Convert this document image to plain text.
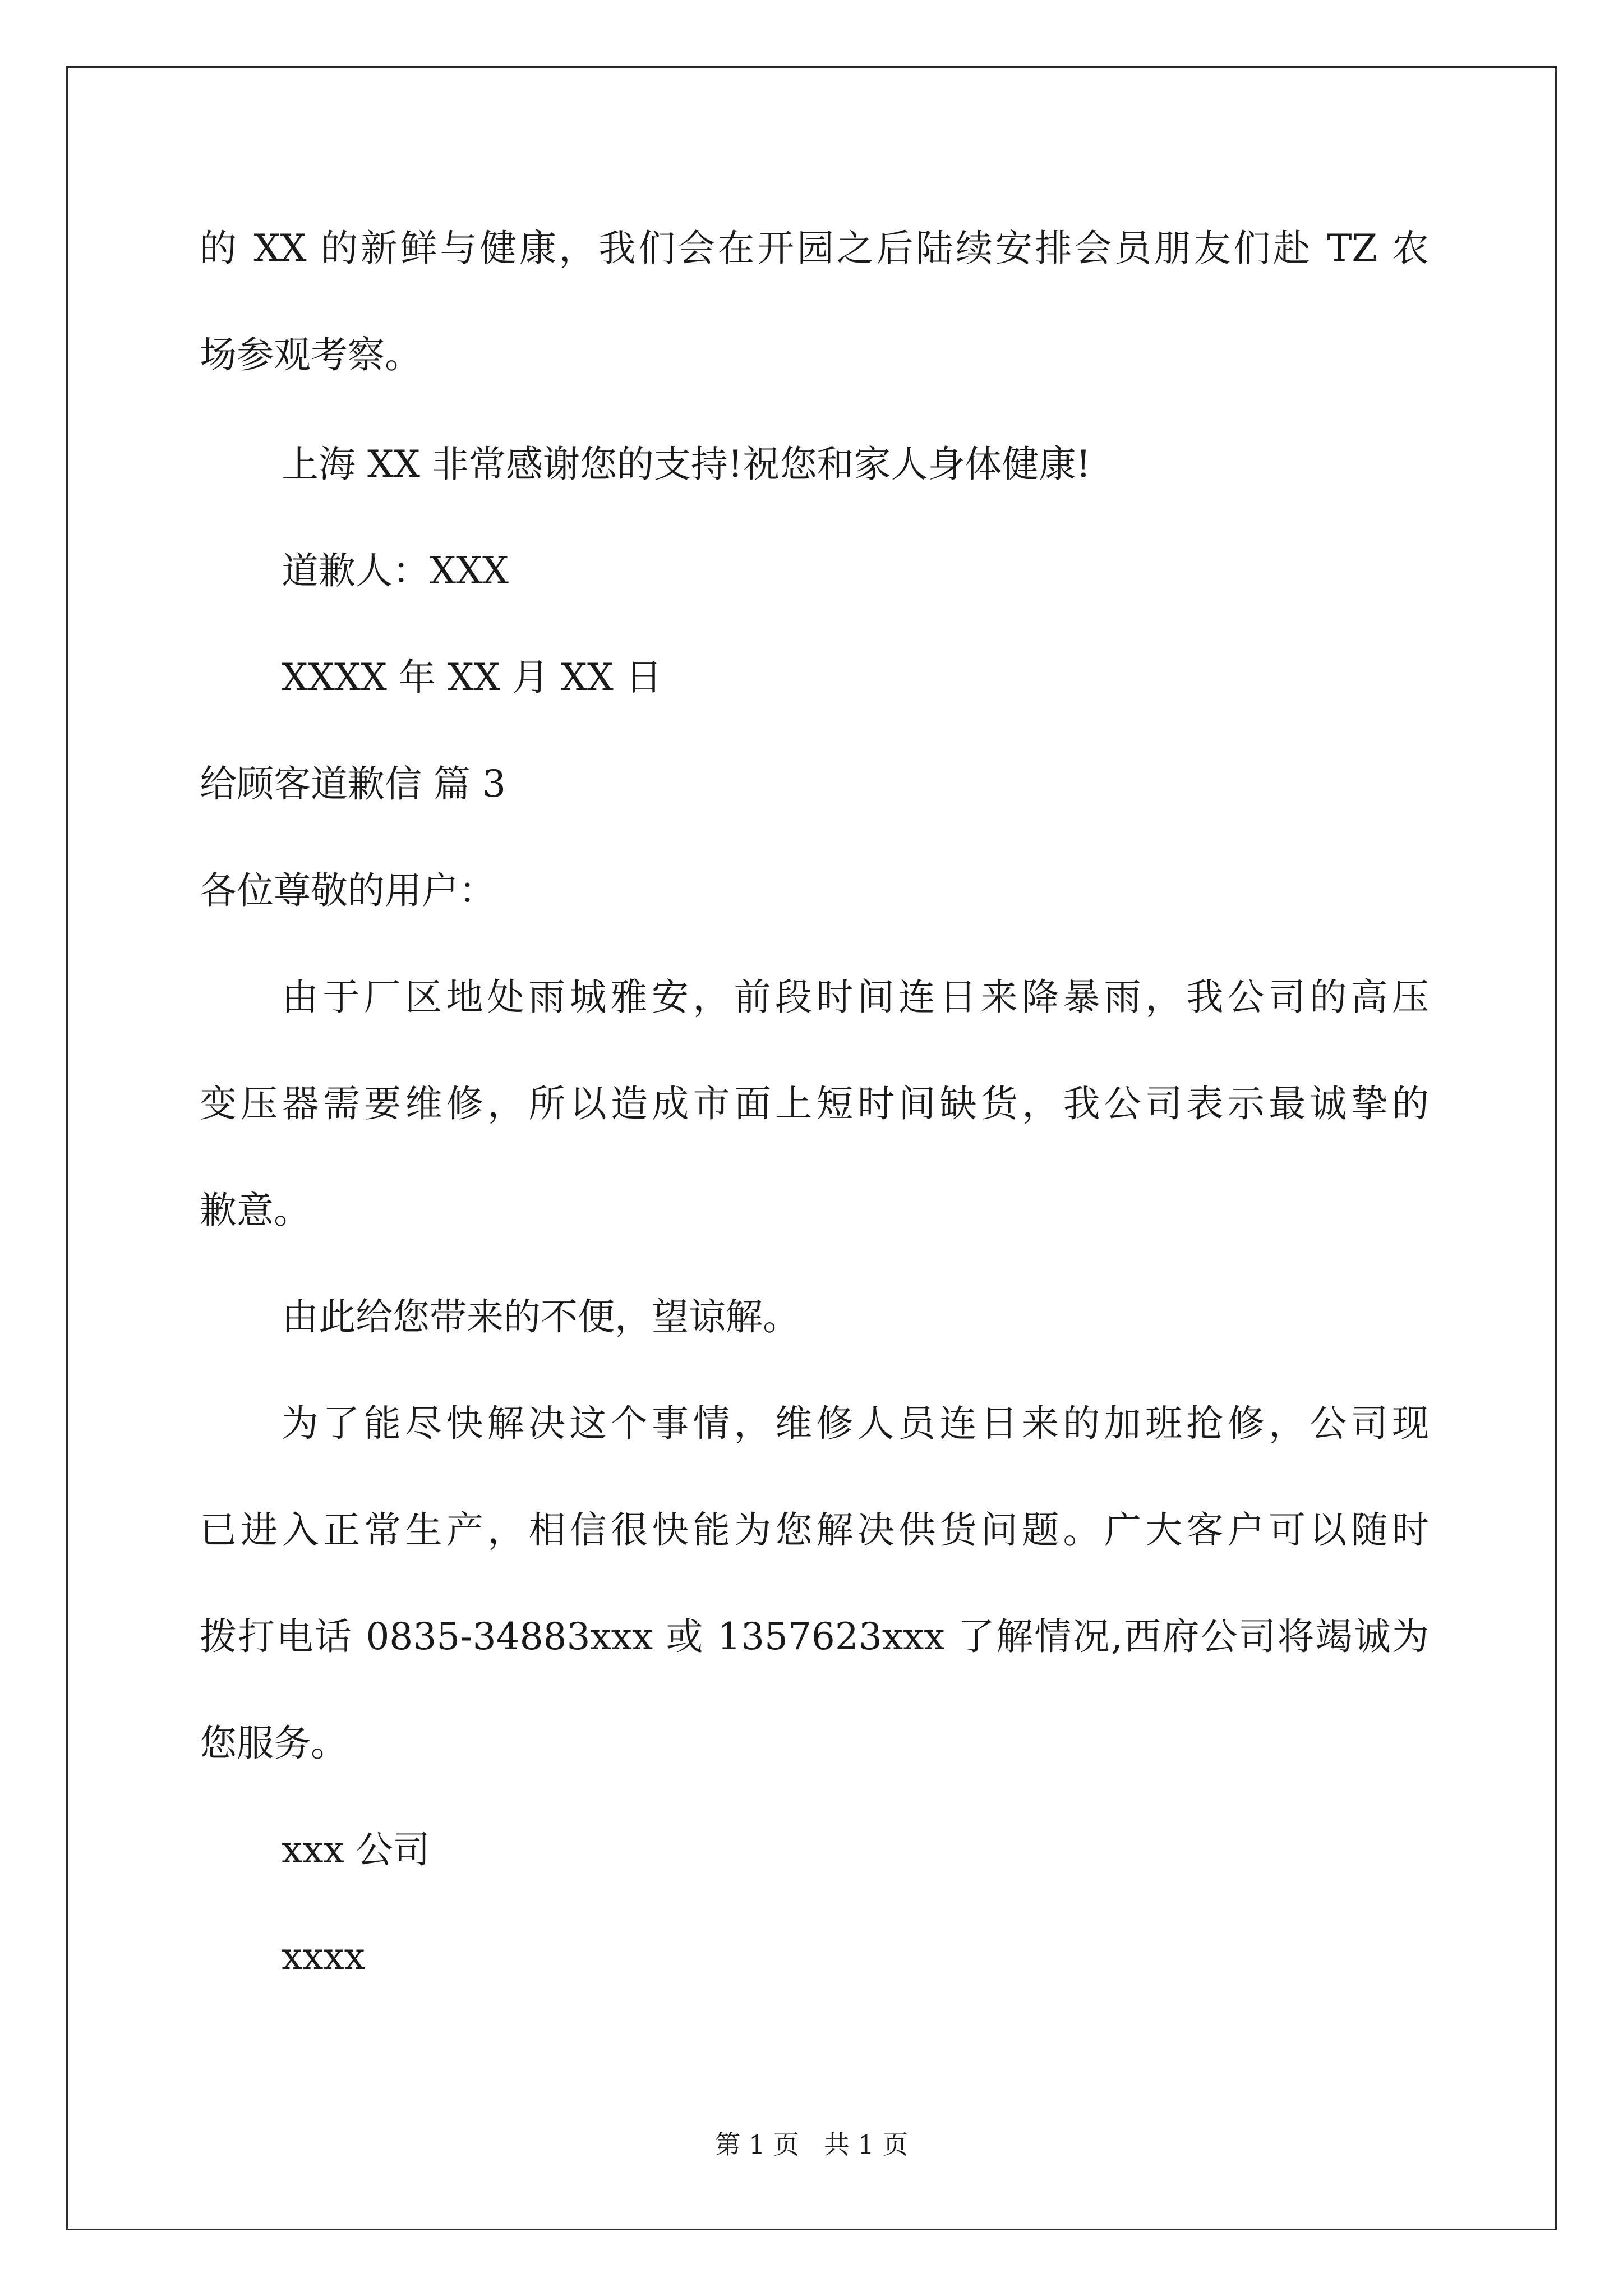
的 XX 的新鲜与健康，我们会在开园之后陆续安排会员朋友们赴 TZ 农
场参观考察。
上海 XX 非常感谢您的支持!祝您和家人身体健康!
道歉人：XXX
XXXX 年 XX 月 XX 日
给顾客道歉信 篇 3
各位尊敬的用户：
由于厂区地处雨城雅安，前段时间连日来降暴雨，我公司的高压
变压器需要维修，所以造成市面上短时间缺货，我公司表示最诚挚的
歉意。
由此给您带来的不便，望谅解。
为了能尽快解决这个事情，维修人员连日来的加班抢修，公司现
已进入正常生产，相信很快能为您解决供货问题。广大客户可以随时
拨打电话 0835-34883xxx 或 1357623xxx 了解情况,西府公司将竭诚为
您服务。
xxx 公司
xxxx
第 1 页   共 1 页
